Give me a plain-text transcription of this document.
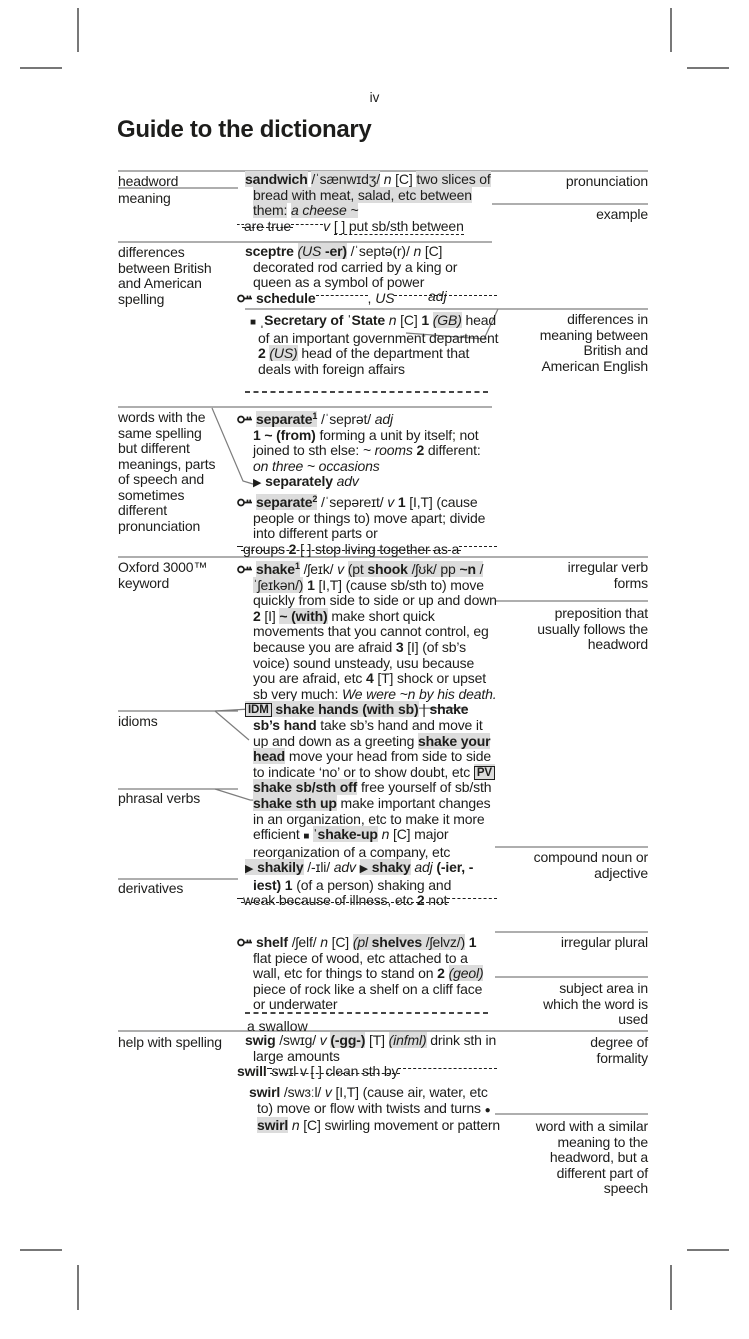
iv
Guide to the dictionary
headword
meaning
differences between British and American spelling
words with the same spelling but different meanings, parts of speech and sometimes different pronunciation
Oxford 3000™ keyword
idioms
phrasal verbs
derivatives
help with spelling
pronunciation
example
differences in meaning between British and American English
irregular verb forms
preposition that usually follows the headword
compound noun or adjective
irregular plural
subject area in which the word is used
degree of formality
word with a similar meaning to the headword, but a different part of speech

sandwich /ˈsænwɪdʒ/ n [C] two slices of bread with meat, salad, etc between them: a cheese ~

are true v [ ] put sb/sth between

sceptre (US -er) /ˈseptə(r)/ n [C] decorated rod carried by a king or queen as a symbol of power

schedule	, US adj

■ ˌSecretary of ˈState n [C] 1 (GB) head of an important government department 2 (US) head of the department that deals with foreign affairs

separate$^1$ /ˈseprət/ adj
1 ~ (from) forming a unit by itself; not joined to sth else: ~ rooms 2 different: on three ~ occasions
▶ separately adv

separate$^2$ /ˈsepəreɪt/ v 1 [I,T] (cause people or things to) move apart; divide into different parts or

groups 2 [ ] stop living together as a

shake$^1$ /ʃeɪk/ v (pt shook /ʃʊk/ pp ~n /ˈʃeɪkən/) 1 [I,T] (cause sb/sth to) move quickly from side to side or up and down 2 [I] ~ (with) make short quick movements that you cannot control, eg because you are afraid 3 [I] (of sb’s voice) sound unsteady, usu because you are afraid, etc 4 [T] shock or upset sb very much: We were ~n by his death.

IDM shake hands (with sb) | shake sb’s hand take sb’s hand and move it up and down as a greeting shake your head move your head from side to side to indicate ‘no’ or to show doubt, etc PV shake sb/sth off free yourself of sb/sth shake sth up make important changes in an organization, etc to make it more efficient ■ ˈshake-up n [C] major reorganization of a company, etc

▶ shakily /-ɪli/ adv ▶ shaky adj (-ier, -iest) 1 (of a person) shaking and

weak because of illness, etc 2 not

shelf /ʃelf/ n [C] (pl shelves /ʃelvz/) 1 flat piece of wood, etc attached to a wall, etc for things to stand on 2 (geol) piece of rock like a shelf on a cliff face or underwater

a swallow

swig /swɪg/ v (-gg-) [T] (infml) drink sth in large amounts

swill swɪl v [ ] clean sth by

swirl /swɜːl/ v [I,T] (cause air, water, etc to) move or flow with twists and turns ● swirl n [C] swirling movement or pattern
